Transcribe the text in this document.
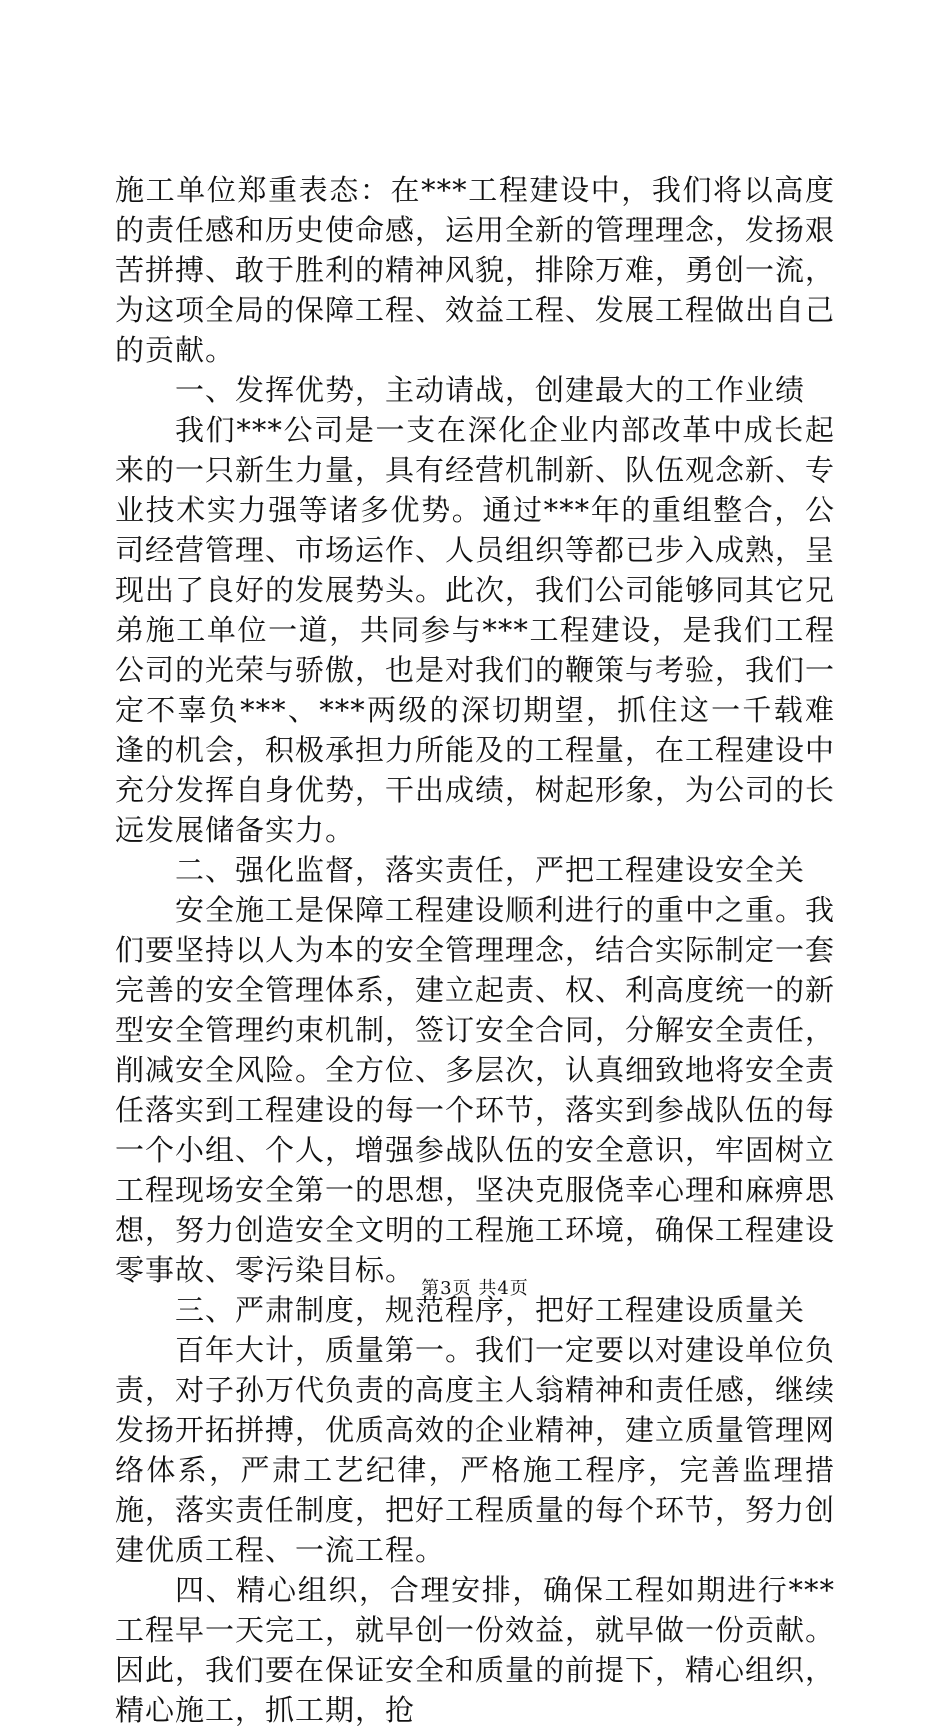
施工单位郑重表态：在***工程建设中，我们将以高度的责任感和历史使命感，运用全新的管理理念，发扬艰苦拼搏、敢于胜利的精神风貌，排除万难，勇创一流，为这项全局的保障工程、效益工程、发展工程做出自己的贡献。

一、发挥优势，主动请战，创建最大的工作业绩

我们***公司是一支在深化企业内部改革中成长起来的一只新生力量，具有经营机制新、队伍观念新、专业技术实力强等诸多优势。通过***年的重组整合，公司经营管理、市场运作、人员组织等都已步入成熟，呈现出了良好的发展势头。此次，我们公司能够同其它兄弟施工单位一道，共同参与***工程建设，是我们工程公司的光荣与骄傲，也是对我们的鞭策与考验，我们一定不辜负***、***两级的深切期望，抓住这一千载难逢的机会，积极承担力所能及的工程量，在工程建设中充分发挥自身优势，干出成绩，树起形象，为公司的长远发展储备实力。

二、强化监督，落实责任，严把工程建设安全关

安全施工是保障工程建设顺利进行的重中之重。我们要坚持以人为本的安全管理理念，结合实际制定一套完善的安全管理体系，建立起责、权、利高度统一的新型安全管理约束机制，签订安全合同，分解安全责任，削减安全风险。全方位、多层次，认真细致地将安全责任落实到工程建设的每一个环节，落实到参战队伍的每一个小组、个人，增强参战队伍的安全意识，牢固树立工程现场安全第一的思想，坚决克服侥幸心理和麻痹思想，努力创造安全文明的工程施工环境，确保工程建设零事故、零污染目标。

三、严肃制度，规范程序，把好工程建设质量关

百年大计，质量第一。我们一定要以对建设单位负责，对子孙万代负责的高度主人翁精神和责任感，继续发扬开拓拼搏，优质高效的企业精神，建立质量管理网络体系，严肃工艺纪律，严格施工程序，完善监理措施，落实责任制度，把好工程质量的每个环节，努力创建优质工程、一流工程。

四、精心组织，合理安排，确保工程如期进行***工程早一天完工，就早创一份效益，就早做一份贡献。因此，我们要在保证安全和质量的前提下，精心组织，精心施工，抓工期，抢

第3页 共4页
